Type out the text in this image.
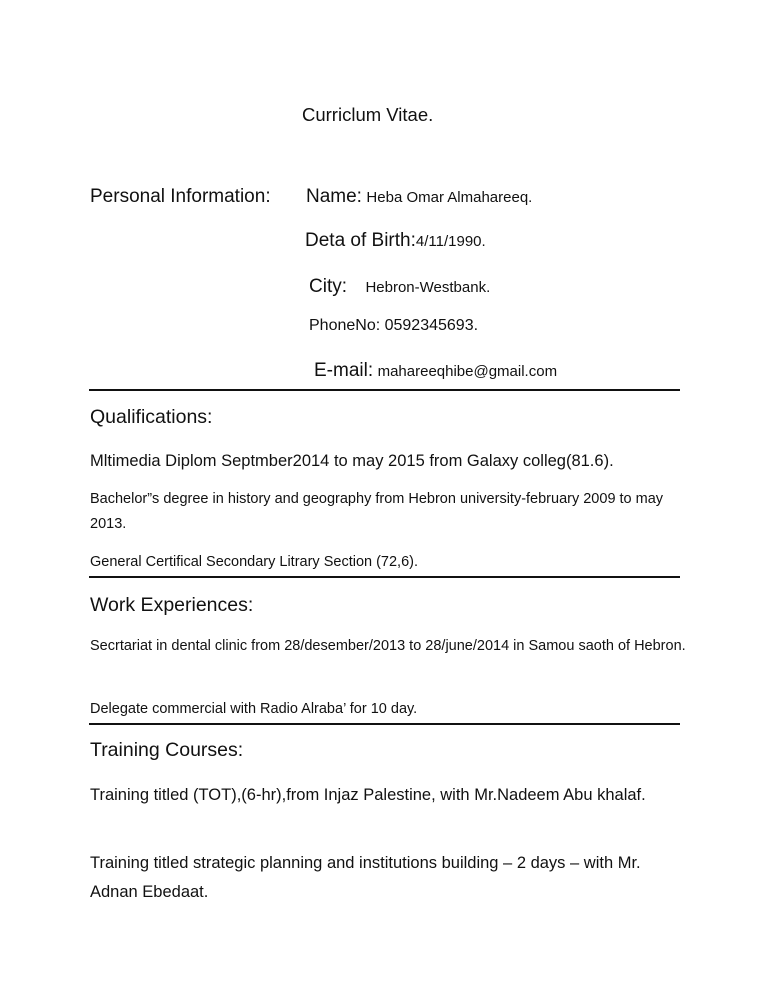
Curriclum Vitae.
Personal Information: Name: Heba Omar Almahareeq.
Deta of Birth:4/11/1990.
City: Hebron-Westbank.
PhoneNo: 0592345693.
E-mail: mahareeqhibe@gmail.com
Qualifications:
Mltimedia Diplom Septmber2014 to may 2015 from Galaxy colleg(81.6).
Bachelor”s degree in history and geography from Hebron university-february 2009 to may 2013.
General Certifical Secondary Litrary Section (72,6).
Work Experiences:
Secrtariat in dental clinic from 28/desember/2013 to 28/june/2014 in Samou saoth of Hebron.
Delegate commercial with Radio Alraba’ for 10 day.
Training Courses:
Training titled (TOT),(6-hr),from Injaz Palestine, with Mr.Nadeem Abu khalaf.
Training titled strategic planning and institutions building – 2 days – with Mr. Adnan Ebedaat.
